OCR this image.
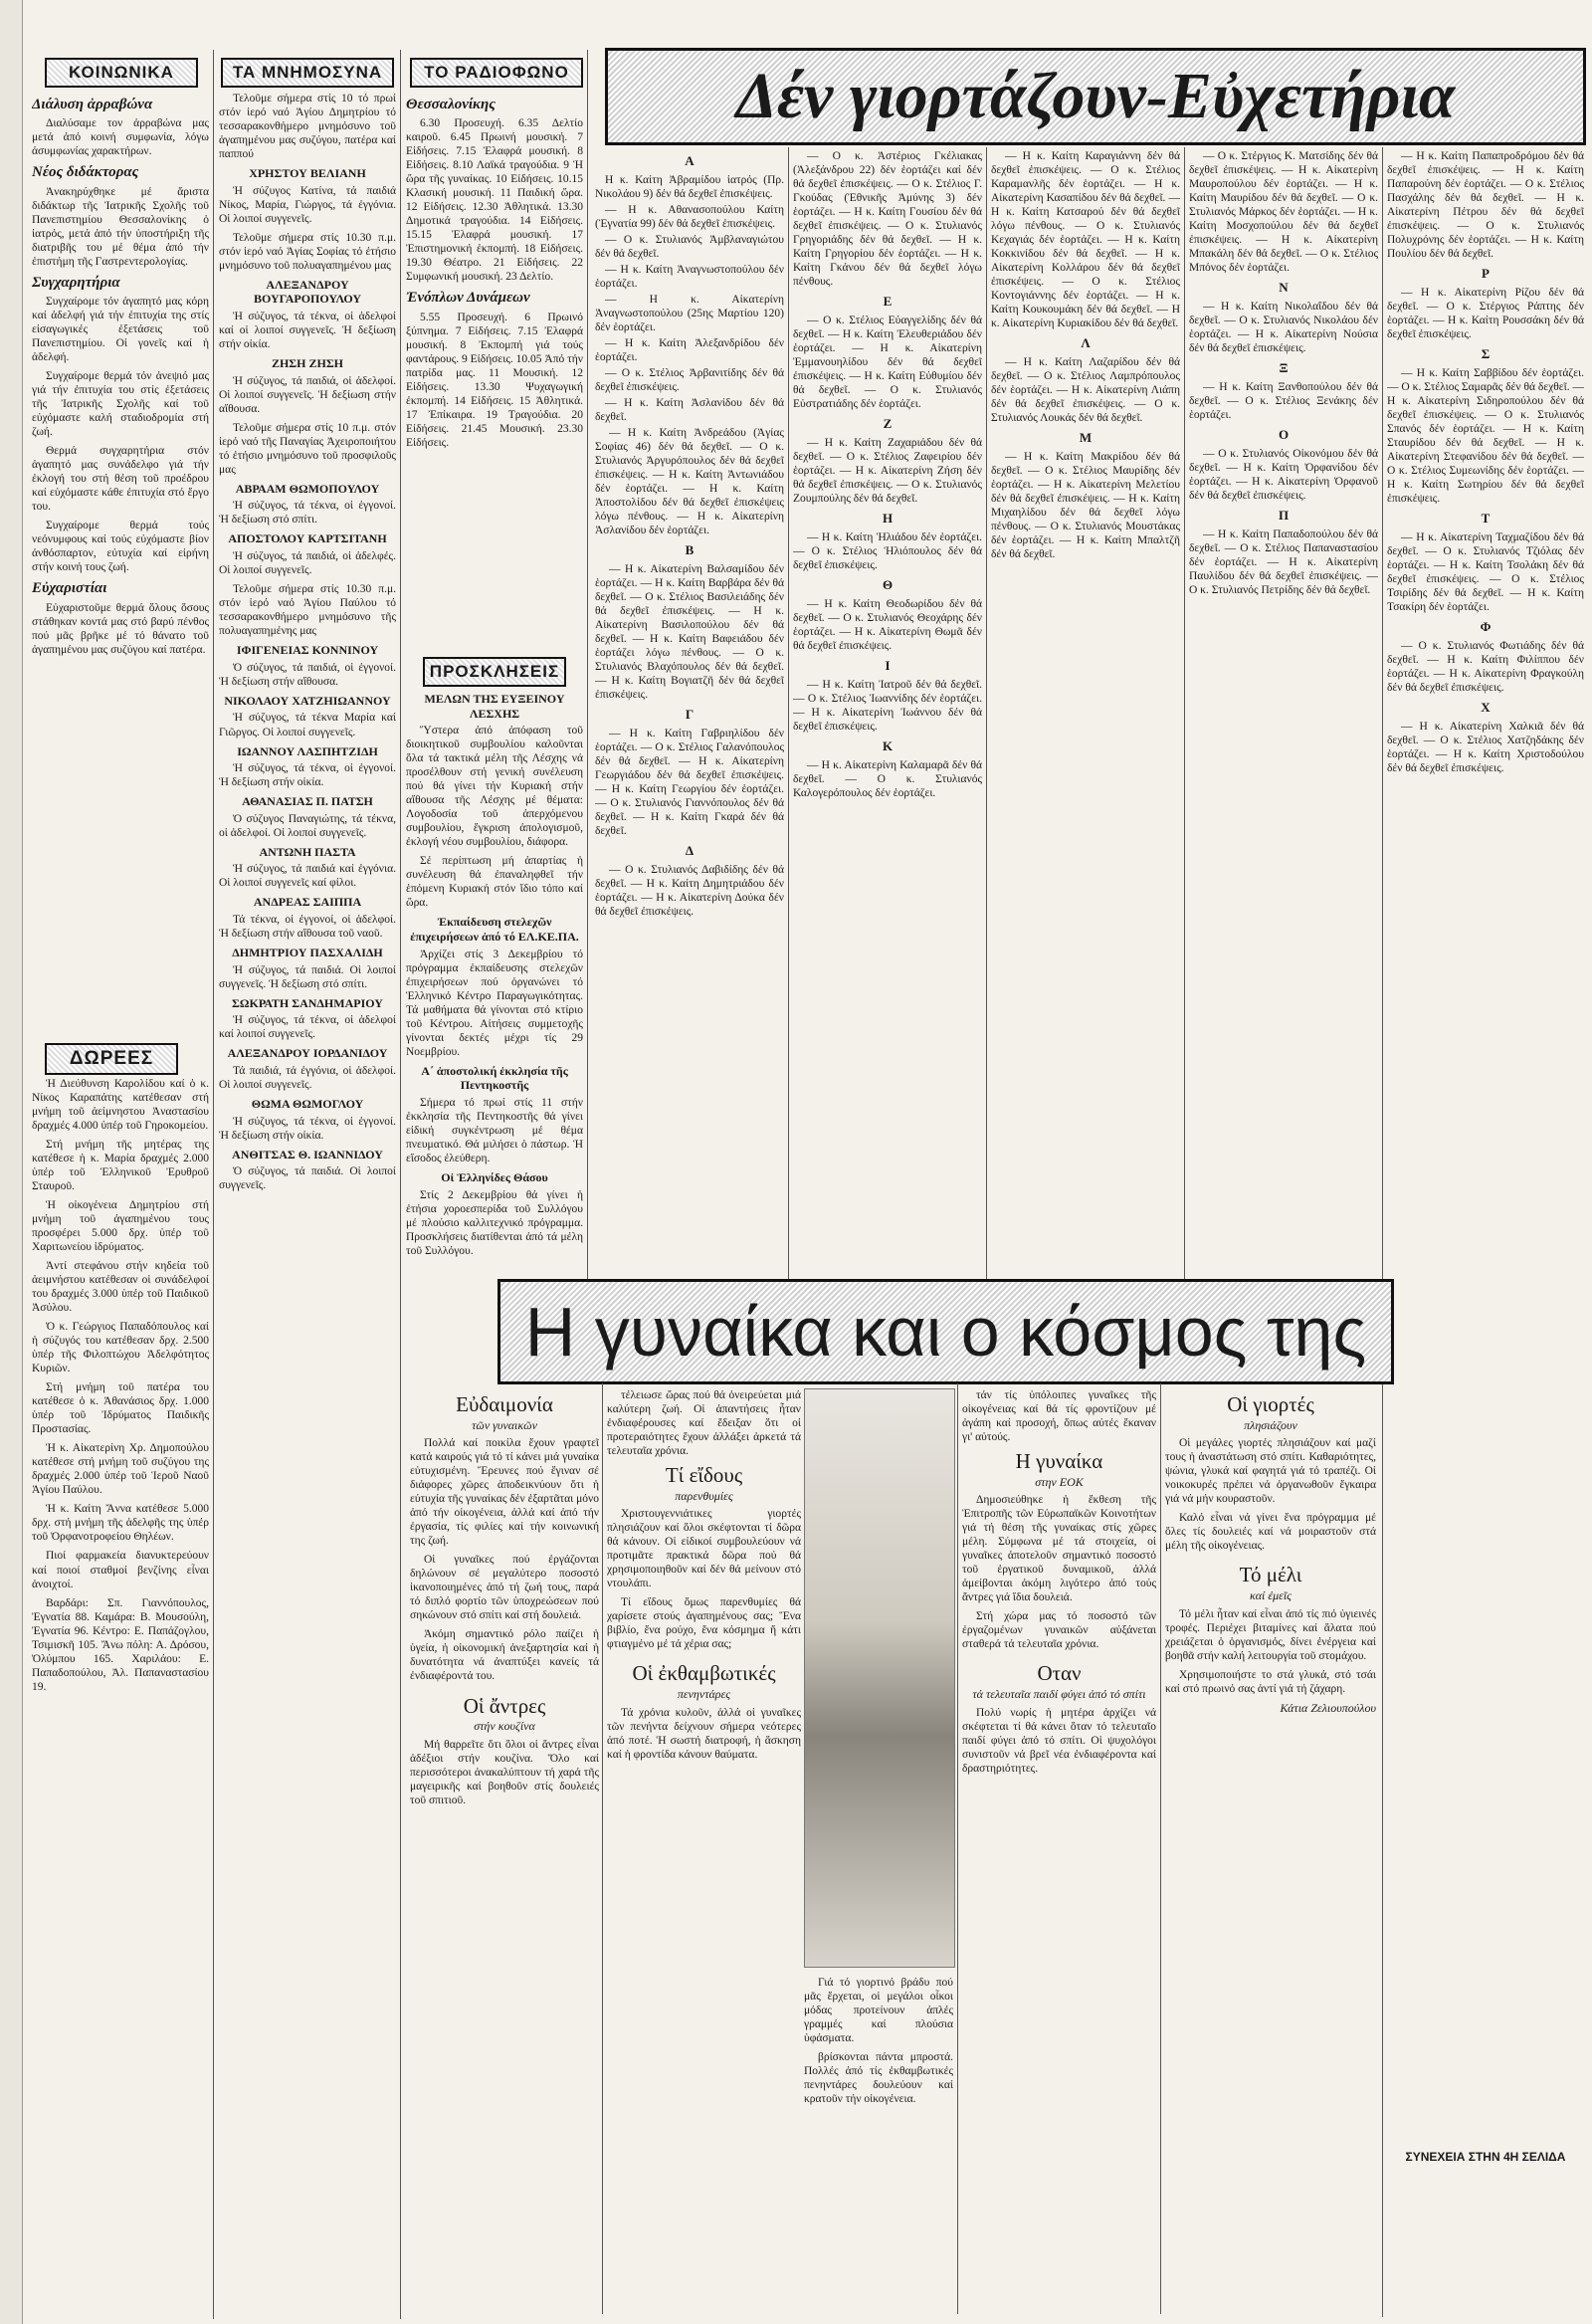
ΚΟΙΝΩΝΙΚΑ
Διάλυση ἀρραβώνα

Διαλύσαμε τον ἀρραβώνα μας μετά ἀπό κοινή συμφωνία, λόγω ἀσυμφωνίας χαρακτήρων.

Νέος διδάκτορας

Ἀνακηρύχθηκε μέ ἄριστα διδάκτωρ τῆς Ἰατρικῆς Σχολῆς τοῦ Πανεπιστημίου Θεσσαλονίκης ὁ ἰατρός, μετά ἀπό τήν ὑποστήριξη τῆς διατριβῆς του μέ θέμα ἀπό τήν ἐπιστήμη τῆς Γαστρεντερολογίας.

Συγχαρητήρια

Συγχαίρομε τόν ἀγαπητό μας κόρη καί ἀδελφή γιά τήν ἐπιτυχία της στίς εἰσαγωγικές ἐξετάσεις τοῦ Πανεπιστημίου. Οἱ γονεῖς καί ἡ ἀδελφή.

Συγχαίρομε θερμά τόν ἀνεψιό μας γιά τήν ἐπιτυχία του στίς ἐξετάσεις τῆς Ἰατρικῆς Σχολῆς καί τοῦ εὐχόμαστε καλή σταδιοδρομία στή ζωή.

Θερμά συγχαρητήρια στόν ἀγαπητό μας συνάδελφο γιά τήν ἐκλογή του στή θέση τοῦ προέδρου καί εὐχόμαστε κάθε ἐπιτυχία στό ἔργο του.

Συγχαίρομε θερμά τούς νεόνυμφους καί τούς εὐχόμαστε βίον ἀνθόσπαρτον, εὐτυχία καί εἰρήνη στήν κοινή τους ζωή.

Εὐχαριστίαι

Εὐχαριστοῦμε θερμά ὅλους ὅσους στάθηκαν κοντά μας στό βαρύ πένθος πού μᾶς βρῆκε μέ τό θάνατο τοῦ ἀγαπημένου μας συζύγου καί πατέρα.

ΔΩΡΕΕΣ

Ἡ Διεύθυνση Καρολίδου καί ὁ κ. Νίκος Καραπάτης κατέθεσαν στή μνήμη τοῦ ἀείμνηστου Ἀναστασίου δραχμές 4.000 ὑπέρ τοῦ Γηροκομείου.

Στή μνήμη τῆς μητέρας της κατέθεσε ἡ κ. Μαρία δραχμές 2.000 ὑπέρ τοῦ Ἑλληνικοῦ Ἐρυθροῦ Σταυροῦ.

Ἡ οἰκογένεια Δημητρίου στή μνήμη τοῦ ἀγαπημένου τους προσφέρει 5.000 δρχ. ὑπέρ τοῦ Χαριτωνείου ἱδρύματος.

Ἀντί στεφάνου στήν κηδεία τοῦ ἀειμνήστου κατέθεσαν οἱ συνάδελφοί του δραχμές 3.000 ὑπέρ τοῦ Παιδικοῦ Ἀσύλου.

Ὁ κ. Γεώργιος Παπαδόπουλος καί ἡ σύζυγός του κατέθεσαν δρχ. 2.500 ὑπέρ τῆς Φιλοπτώχου Ἀδελφότητος Κυριῶν.

Στή μνήμη τοῦ πατέρα του κατέθεσε ὁ κ. Ἀθανάσιος δρχ. 1.000 ὑπέρ τοῦ Ἰδρύματος Παιδικῆς Προστασίας.

Ἡ κ. Αἰκατερίνη Χρ. Δημοπούλου κατέθεσε στή μνήμη τοῦ συζύγου της δραχμές 2.000 ὑπέρ τοῦ Ἱεροῦ Ναοῦ Ἁγίου Παύλου.

Ἡ κ. Καίτη Ἄννα κατέθεσε 5.000 δρχ. στή μνήμη τῆς ἀδελφῆς της ὑπέρ τοῦ Ὀρφανοτροφείου Θηλέων.

Πιοί φαρμακεία διανυκτερεύουν καί ποιοί σταθμοί βενζίνης εἶναι ἀνοιχτοί.

Βαρδάρι: Σπ. Γιαννόπουλος, Ἐγνατία 88. Καμάρα: Β. Μουσούλη, Ἐγνατία 96. Κέντρο: Ε. Παπάζογλου, Τσιμισκῆ 105. Ἄνω πόλη: Α. Δρόσου, Ὀλύμπου 165. Χαριλάου: Ε. Παπαδοπούλου, Ἀλ. Παπαναστασίου 19.

ΤΑ ΜΝΗΜΟΣΥΝΑ

Τελοῦμε σήμερα στίς 10 τό πρωί στόν ἱερό ναό Ἁγίου Δημητρίου τό τεσσαρακονθήμερο μνημόσυνο τοῦ ἀγαπημένου μας συζύγου, πατέρα καί παππού

ΧΡΗΣΤΟΥ ΒΕΛΙΑΝΗ

Ἡ σύζυγος Κατίνα, τά παιδιά Νίκος, Μαρία, Γιώργος, τά ἐγγόνια. Οἱ λοιποί συγγενεῖς.

Τελοῦμε σήμερα στίς 10.30 π.μ. στόν ἱερό ναό Ἁγίας Σοφίας τό ἐτήσιο μνημόσυνο τοῦ πολυαγαπημένου μας

ΑΛΕΞΑΝΔΡΟΥ ΒΟΥΓΑΡΟΠΟΥΛΟΥ

Ἡ σύζυγος, τά τέκνα, οἱ ἀδελφοί καί οἱ λοιποί συγγενεῖς. Ἡ δεξίωση στήν οἰκία.

ΖΗΣΗ ΖΗΣΗ

Ἡ σύζυγος, τά παιδιά, οἱ ἀδελφοί. Οἱ λοιποί συγγενεῖς. Ἡ δεξίωση στήν αἴθουσα.

Τελοῦμε σήμερα στίς 10 π.μ. στόν ἱερό ναό τῆς Παναγίας Ἀχειροποιήτου τό ἐτήσιο μνημόσυνο τοῦ προσφιλοῦς μας

ΑΒΡΑΑΜ ΘΩΜΟΠΟΥΛΟΥ

Ἡ σύζυγος, τά τέκνα, οἱ ἐγγονοί. Ἡ δεξίωση στό σπίτι.

ΑΠΟΣΤΟΛΟΥ ΚΑΡΤΣΙΤΑΝΗ

Ἡ σύζυγος, τά παιδιά, οἱ ἀδελφές. Οἱ λοιποί συγγενεῖς.

Τελοῦμε σήμερα στίς 10.30 π.μ. στόν ἱερό ναό Ἁγίου Παύλου τό τεσσαρακονθήμερο μνημόσυνο τῆς πολυαγαπημένης μας

ΙΦΙΓΕΝΕΙΑΣ ΚΟΝΝΙΝΟΥ

Ὁ σύζυγος, τά παιδιά, οἱ ἐγγονοί. Ἡ δεξίωση στήν αἴθουσα.

ΝΙΚΟΛΑΟΥ ΧΑΤΖΗΙΩΑΝΝΟΥ

Ἡ σύζυγος, τά τέκνα Μαρία καί Γιῶργος. Οἱ λοιποί συγγενεῖς.

ΙΩΑΝΝΟΥ ΛΑΣΠΗΤΖΙΔΗ

Ἡ σύζυγος, τά τέκνα, οἱ ἐγγονοί. Ἡ δεξίωση στήν οἰκία.

ΑΘΑΝΑΣΙΑΣ Π. ΠΑΤΣΗ

Ὁ σύζυγος Παναγιώτης, τά τέκνα, οἱ ἀδελφοί. Οἱ λοιποί συγγενεῖς.

ΑΝΤΩΝΗ ΠΑΣΤΑ

Ἡ σύζυγος, τά παιδιά καί ἐγγόνια. Οἱ λοιποί συγγενεῖς καί φίλοι.

ΑΝΔΡΕΑΣ ΣΑΙΠΠΑ

Τά τέκνα, οἱ ἐγγονοί, οἱ ἀδελφοί. Ἡ δεξίωση στήν αἴθουσα τοῦ ναοῦ.

ΔΗΜΗΤΡΙΟΥ ΠΑΣΧΑΛΙΔΗ

Ἡ σύζυγος, τά παιδιά. Οἱ λοιποί συγγενεῖς. Ἡ δεξίωση στό σπίτι.

ΣΩΚΡΑΤΗ ΣΑΝΔΗΜΑΡΙΟΥ

Ἡ σύζυγος, τά τέκνα, οἱ ἀδελφοί καί λοιποί συγγενεῖς.

ΑΛΕΞΑΝΔΡΟΥ ΙΟΡΔΑΝΙΔΟΥ

Τά παιδιά, τά ἐγγόνια, οἱ ἀδελφοί. Οἱ λοιποί συγγενεῖς.

ΘΩΜΑ ΘΩΜΟΓΛΟΥ

Ἡ σύζυγος, τά τέκνα, οἱ ἐγγονοί. Ἡ δεξίωση στήν οἰκία.

ΑΝΘΙΤΣΑΣ Θ. ΙΩΑΝΝΙΔΟΥ

Ὁ σύζυγος, τά παιδιά. Οἱ λοιποί συγγενεῖς.

ΤΟ ΡΑΔΙΟΦΩΝΟ
Θεσσαλονίκης

6.30 Προσευχή. 6.35 Δελτίο καιροῦ. 6.45 Πρωινή μουσική. 7 Εἰδήσεις. 7.15 Ἐλαφρά μουσική. 8 Εἰδήσεις. 8.10 Λαϊκά τραγούδια. 9 Ἡ ὥρα τῆς γυναίκας. 10 Εἰδήσεις. 10.15 Κλασική μουσική. 11 Παιδική ὥρα. 12 Εἰδήσεις. 12.30 Ἀθλητικά. 13.30 Δημοτικά τραγούδια. 14 Εἰδήσεις. 15.15 Ἐλαφρά μουσική. 17 Ἐπιστημονική ἐκπομπή. 18 Εἰδήσεις. 19.30 Θέατρο. 21 Εἰδήσεις. 22 Συμφωνική μουσική. 23 Δελτίο.

Ἐνόπλων Δυνάμεων

5.55 Προσευχή. 6 Πρωινό ξύπνημα. 7 Εἰδήσεις. 7.15 Ἐλαφρά μουσική. 8 Ἐκπομπή γιά τούς φαντάρους. 9 Εἰδήσεις. 10.05 Ἀπό τήν πατρίδα μας. 11 Μουσική. 12 Εἰδήσεις. 13.30 Ψυχαγωγική ἐκπομπή. 14 Εἰδήσεις. 15 Ἀθλητικά. 17 Ἐπίκαιρα. 19 Τραγούδια. 20 Εἰδήσεις. 21.45 Μουσική. 23.30 Εἰδήσεις.

ΠΡΟΣΚΛΗΣΕΙΣ
ΜΕΛΩΝ ΤΗΣ ΕΥΞΕΙΝΟΥ ΛΕΣΧΗΣ

Ὕστερα ἀπό ἀπόφαση τοῦ διοικητικοῦ συμβουλίου καλοῦνται ὅλα τά τακτικά μέλη τῆς Λέσχης νά προσέλθουν στή γενική συνέλευση πού θά γίνει τήν Κυριακή στήν αἴθουσα τῆς Λέσχης μέ θέματα: Λογοδοσία τοῦ ἀπερχόμενου συμβουλίου, ἔγκριση ἀπολογισμοῦ, ἐκλογή νέου συμβουλίου, διάφορα.

Σέ περίπτωση μή ἀπαρτίας ἡ συνέλευση θά ἐπαναληφθεῖ τήν ἑπόμενη Κυριακή στόν ἴδιο τόπο καί ὥρα.

Ἐκπαίδευση στελεχῶν ἐπιχειρήσεων ἀπό τό ΕΛ.ΚΕ.ΠΑ.

Ἀρχίζει στίς 3 Δεκεμβρίου τό πρόγραμμα ἐκπαίδευσης στελεχῶν ἐπιχειρήσεων πού ὀργανώνει τό Ἑλληνικό Κέντρο Παραγωγικότητας. Τά μαθήματα θά γίνονται στό κτίριο τοῦ Κέντρου. Αἰτήσεις συμμετοχῆς γίνονται δεκτές μέχρι τίς 29 Νοεμβρίου.

Α΄ ἀποστολική ἐκκλησία τῆς Πεντηκοστῆς

Σήμερα τό πρωί στίς 11 στήν ἐκκλησία τῆς Πεντηκοστῆς θά γίνει εἰδική συγκέντρωση μέ θέμα πνευματικό. Θά μιλήσει ὁ πάστωρ. Ἡ εἴσοδος ἐλεύθερη.

Οἱ Ἑλληνίδες Θάσου

Στίς 2 Δεκεμβρίου θά γίνει ἡ ἐτήσια χοροεσπερίδα τοῦ Συλλόγου μέ πλούσιο καλλιτεχνικό πρόγραμμα. Προσκλήσεις διατίθενται ἀπό τά μέλη τοῦ Συλλόγου.

Δέν γιορτάζουν-Εὐχετήρια
Α
Η κ. Καίτη Ἀβραμίδου ἰατρός (Πρ. Νικολάου 9) δέν θά δεχθεῖ ἐπισκέψεις.
— Η κ. Αθανασοπούλου Καίτη (Ἐγνατία 99) δέν θά δεχθεῖ ἐπισκέψεις.
— Ο κ. Στυλιανός Ἀμβλαναγιώτου δέν θά δεχθεῖ.
— Η κ. Καίτη Ἀναγνωστοπούλου δέν ἑορτάζει.
— Η κ. Αἰκατερίνη Ἀναγνωστοπούλου (25ης Μαρτίου 120) δέν ἑορτάζει.
— Η κ. Καίτη Ἀλεξανδρίδου δέν ἑορτάζει.
— Ο κ. Στέλιος Ἀρβανιτίδης δέν θά δεχθεῖ ἐπισκέψεις.
— Η κ. Καίτη Ἀσλανίδου δέν θά δεχθεῖ.

— Η κ. Καίτη Ἀνδρεάδου (Ἀγίας Σοφίας 46) δέν θά δεχθεῖ. — Ο κ. Στυλιανός Ἀργυρόπουλος δέν θά δεχθεῖ ἐπισκέψεις. — Η κ. Καίτη Ἀντωνιάδου δέν ἑορτάζει. — Η κ. Καίτη Ἀποστολίδου δέν θά δεχθεῖ ἐπισκέψεις λόγω πένθους. — Η κ. Αἰκατερίνη Ἀσλανίδου δέν ἑορτάζει.

Β

— Η κ. Αἰκατερίνη Βαλσαμίδου δέν ἑορτάζει. — Η κ. Καίτη Βαρβάρα δέν θά δεχθεῖ. — Ο κ. Στέλιος Βασιλειάδης δέν θά δεχθεῖ ἐπισκέψεις. — Η κ. Αἰκατερίνη Βασιλοπούλου δέν θά δεχθεῖ. — Η κ. Καίτη Βαφειάδου δέν ἑορτάζει λόγω πένθους. — Ο κ. Στυλιανός Βλαχόπουλος δέν θά δεχθεῖ. — Η κ. Καίτη Βογιατζῆ δέν θά δεχθεῖ ἐπισκέψεις.

Γ

— Η κ. Καίτη Γαβριηλίδου δέν ἑορτάζει. — Ο κ. Στέλιος Γαλανόπουλος δέν θά δεχθεῖ. — Η κ. Αἰκατερίνη Γεωργιάδου δέν θά δεχθεῖ ἐπισκέψεις. — Η κ. Καίτη Γεωργίου δέν ἑορτάζει. — Ο κ. Στυλιανός Γιαννόπουλος δέν θά δεχθεῖ. — Η κ. Καίτη Γκαρά δέν θά δεχθεῖ.

Δ

— Ο κ. Στυλιανός Δαβιδίδης δέν θά δεχθεῖ. — Η κ. Καίτη Δημητριάδου δέν ἑορτάζει. — Η κ. Αἰκατερίνη Δούκα δέν θά δεχθεῖ ἐπισκέψεις.

— Ο κ. Ἀστέριος Γκέλιακας (Ἀλεξάνδρου 22) δέν ἑορτάζει καί δέν θά δεχθεῖ ἐπισκέψεις. — Ο κ. Στέλιος Γ. Γκούδας (Ἐθνικῆς Ἀμύνης 3) δέν ἑορτάζει. — Η κ. Καίτη Γουσίου δέν θά δεχθεῖ ἐπισκέψεις. — Ο κ. Στυλιανός Γρηγοριάδης δέν θά δεχθεῖ. — Η κ. Καίτη Γρηγορίου δέν ἑορτάζει. — Η κ. Καίτη Γκάνου δέν θά δεχθεῖ λόγω πένθους.

Ε

— Ο κ. Στέλιος Εὐαγγελίδης δέν θά δεχθεῖ. — Η κ. Καίτη Ἐλευθεριάδου δέν ἑορτάζει. — Η κ. Αἰκατερίνη Ἐμμανουηλίδου δέν θά δεχθεῖ ἐπισκέψεις. — Η κ. Καίτη Εὐθυμίου δέν θά δεχθεῖ. — Ο κ. Στυλιανός Εὐστρατιάδης δέν ἑορτάζει.

Ζ

— Η κ. Καίτη Ζαχαριάδου δέν θά δεχθεῖ. — Ο κ. Στέλιος Ζαφειρίου δέν ἑορτάζει. — Η κ. Αἰκατερίνη Ζήση δέν θά δεχθεῖ ἐπισκέψεις. — Ο κ. Στυλιανός Ζουμπούλης δέν θά δεχθεῖ.

Η

— Η κ. Καίτη Ἡλιάδου δέν ἑορτάζει. — Ο κ. Στέλιος Ἡλιόπουλος δέν θά δεχθεῖ ἐπισκέψεις.

Θ

— Η κ. Καίτη Θεοδωρίδου δέν θά δεχθεῖ. — Ο κ. Στυλιανός Θεοχάρης δέν ἑορτάζει. — Η κ. Αἰκατερίνη Θωμᾶ δέν θά δεχθεῖ ἐπισκέψεις.

Ι

— Η κ. Καίτη Ἰατροῦ δέν θά δεχθεῖ. — Ο κ. Στέλιος Ἰωαννίδης δέν ἑορτάζει. — Η κ. Αἰκατερίνη Ἰωάννου δέν θά δεχθεῖ ἐπισκέψεις.

Κ

— Η κ. Αἰκατερίνη Καλαμαρᾶ δέν θά δεχθεῖ. — Ο κ. Στυλιανός Καλογερόπουλος δέν ἑορτάζει.

— Η κ. Καίτη Καραγιάννη δέν θά δεχθεῖ ἐπισκέψεις. — Ο κ. Στέλιος Καραμανλῆς δέν ἑορτάζει. — Η κ. Αἰκατερίνη Κασαπίδου δέν θά δεχθεῖ. — Η κ. Καίτη Κατσαρού δέν θά δεχθεῖ λόγω πένθους. — Ο κ. Στυλιανός Κεχαγιάς δέν ἑορτάζει. — Η κ. Καίτη Κοκκινίδου δέν θά δεχθεῖ. — Η κ. Αἰκατερίνη Κολλάρου δέν θά δεχθεῖ ἐπισκέψεις. — Ο κ. Στέλιος Κοντογιάννης δέν ἑορτάζει. — Η κ. Καίτη Κουκουμάκη δέν θά δεχθεῖ. — Η κ. Αἰκατερίνη Κυριακίδου δέν θά δεχθεῖ.

Λ

— Η κ. Καίτη Λαζαρίδου δέν θά δεχθεῖ. — Ο κ. Στέλιος Λαμπρόπουλος δέν ἑορτάζει. — Η κ. Αἰκατερίνη Λιάπη δέν θά δεχθεῖ ἐπισκέψεις. — Ο κ. Στυλιανός Λουκάς δέν θά δεχθεῖ.

Μ

— Η κ. Καίτη Μακρίδου δέν θά δεχθεῖ. — Ο κ. Στέλιος Μαυρίδης δέν ἑορτάζει. — Η κ. Αἰκατερίνη Μελετίου δέν θά δεχθεῖ ἐπισκέψεις. — Η κ. Καίτη Μιχαηλίδου δέν θά δεχθεῖ λόγω πένθους. — Ο κ. Στυλιανός Μουστάκας δέν ἑορτάζει. — Η κ. Καίτη Μπαλτζῆ δέν θά δεχθεῖ.

— Ο κ. Στέργιος Κ. Ματσίδης δέν θά δεχθεῖ ἐπισκέψεις. — Η κ. Αἰκατερίνη Μαυροπούλου δέν ἑορτάζει. — Η κ. Καίτη Μαυρίδου δέν θά δεχθεῖ. — Ο κ. Στυλιανός Μάρκος δέν ἑορτάζει. — Η κ. Καίτη Μοσχοπούλου δέν θά δεχθεῖ ἐπισκέψεις. — Η κ. Αἰκατερίνη Μπακάλη δέν θά δεχθεῖ. — Ο κ. Στέλιος Μπόνος δέν ἑορτάζει.

Ν

— Η κ. Καίτη Νικολαΐδου δέν θά δεχθεῖ. — Ο κ. Στυλιανός Νικολάου δέν ἑορτάζει. — Η κ. Αἰκατερίνη Νούσια δέν θά δεχθεῖ ἐπισκέψεις.

Ξ

— Η κ. Καίτη Ξανθοπούλου δέν θά δεχθεῖ. — Ο κ. Στέλιος Ξενάκης δέν ἑορτάζει.

Ο

— Ο κ. Στυλιανός Οἰκονόμου δέν θά δεχθεῖ. — Η κ. Καίτη Ὀρφανίδου δέν ἑορτάζει. — Η κ. Αἰκατερίνη Ὀρφανοῦ δέν θά δεχθεῖ ἐπισκέψεις.

Π

— Η κ. Καίτη Παπαδοπούλου δέν θά δεχθεῖ. — Ο κ. Στέλιος Παπαναστασίου δέν ἑορτάζει. — Η κ. Αἰκατερίνη Παυλίδου δέν θά δεχθεῖ ἐπισκέψεις. — Ο κ. Στυλιανός Πετρίδης δέν θά δεχθεῖ.

— Η κ. Καίτη Παπαπροδρόμου δέν θά δεχθεῖ ἐπισκέψεις. — Η κ. Καίτη Παπαρούνη δέν ἑορτάζει. — Ο κ. Στέλιος Πασχάλης δέν θά δεχθεῖ. — Η κ. Αἰκατερίνη Πέτρου δέν θά δεχθεῖ ἐπισκέψεις. — Ο κ. Στυλιανός Πολυχρόνης δέν ἑορτάζει. — Η κ. Καίτη Πουλίου δέν θά δεχθεῖ.

Ρ

— Η κ. Αἰκατερίνη Ρίζου δέν θά δεχθεῖ. — Ο κ. Στέργιος Ράπτης δέν ἑορτάζει. — Η κ. Καίτη Ρουσσάκη δέν θά δεχθεῖ ἐπισκέψεις.

Σ

— Η κ. Καίτη Σαββίδου δέν ἑορτάζει. — Ο κ. Στέλιος Σαμαρᾶς δέν θά δεχθεῖ. — Η κ. Αἰκατερίνη Σιδηροπούλου δέν θά δεχθεῖ ἐπισκέψεις. — Ο κ. Στυλιανός Σπανός δέν ἑορτάζει. — Η κ. Καίτη Σταυρίδου δέν θά δεχθεῖ. — Η κ. Αἰκατερίνη Στεφανίδου δέν θά δεχθεῖ. — Ο κ. Στέλιος Συμεωνίδης δέν ἑορτάζει. — Η κ. Καίτη Σωτηρίου δέν θά δεχθεῖ ἐπισκέψεις.

Τ

— Η κ. Αἰκατερίνη Ταχμαζίδου δέν θά δεχθεῖ. — Ο κ. Στυλιανός Τζιόλας δέν ἑορτάζει. — Η κ. Καίτη Τσολάκη δέν θά δεχθεῖ ἐπισκέψεις. — Ο κ. Στέλιος Τσιρίδης δέν θά δεχθεῖ. — Η κ. Καίτη Τσακίρη δέν ἑορτάζει.

Φ

— Ο κ. Στυλιανός Φωτιάδης δέν θά δεχθεῖ. — Η κ. Καίτη Φιλίππου δέν ἑορτάζει. — Η κ. Αἰκατερίνη Φραγκούλη δέν θά δεχθεῖ ἐπισκέψεις.

Χ

— Η κ. Αἰκατερίνη Χαλκιᾶ δέν θά δεχθεῖ. — Ο κ. Στέλιος Χατζηδάκης δέν ἑορτάζει. — Η κ. Καίτη Χριστοδούλου δέν θά δεχθεῖ ἐπισκέψεις.

ΣΥΝΕΧΕΙΑ ΣΤΗΝ 4Η ΣΕΛΙΔΑ
Η γυναίκα και ο κόσμος της
Εὐδαιμονία
τῶν γυναικῶν

Πολλά καί ποικίλα ἔχουν γραφτεῖ κατά καιρούς γιά τό τί κάνει μιά γυναίκα εὐτυχισμένη. Ἔρευνες πού ἔγιναν σέ διάφορες χῶρες ἀποδεικνύουν ὅτι ἡ εὐτυχία τῆς γυναίκας δέν ἐξαρτᾶται μόνο ἀπό τήν οἰκογένεια, ἀλλά καί ἀπό τήν ἐργασία, τίς φιλίες καί τήν κοινωνική της ζωή.

Οἱ γυναῖκες πού ἐργάζονται δηλώνουν σέ μεγαλύτερο ποσοστό ἱκανοποιημένες ἀπό τή ζωή τους, παρά τό διπλό φορτίο τῶν ὑποχρεώσεων πού σηκώνουν στό σπίτι καί στή δουλειά.

Ἀκόμη σημαντικό ρόλο παίζει ἡ ὑγεία, ἡ οἰκονομική ἀνεξαρτησία καί ἡ δυνατότητα νά ἀναπτύξει κανείς τά ἐνδιαφέροντά του.

Οἱ ἄντρες
στήν κουζίνα

Μή θαρρεῖτε ὅτι ὅλοι οἱ ἄντρες εἶναι ἀδέξιοι στήν κουζίνα. Ὅλο καί περισσότεροι ἀνακαλύπτουν τή χαρά τῆς μαγειρικῆς καί βοηθοῦν στίς δουλειές τοῦ σπιτιοῦ.

τέλειωσε ὥρας πού θά ὀνειρεύεται μιά καλύτερη ζωή. Οἱ ἀπαντήσεις ἦταν ἐνδιαφέρουσες καί ἔδειξαν ὅτι οἱ προτεραιότητες ἔχουν ἀλλάξει ἀρκετά τά τελευταῖα χρόνια.

Τί εἴδους
παρενθυμίες

Χριστουγεννιάτικες γιορτές πλησιάζουν καί ὅλοι σκέφτονται τί δῶρα θά κάνουν. Οἱ εἰδικοί συμβουλεύουν νά προτιμᾶτε πρακτικά δῶρα πού θά χρησιμοποιηθοῦν καί δέν θά μείνουν στό ντουλάπι.

Τί εἴδους ὅμως παρενθυμίες θά χαρίσετε στούς ἀγαπημένους σας; Ἕνα βιβλίο, ἕνα ρούχο, ἕνα κόσμημα ἤ κάτι φτιαγμένο μέ τά χέρια σας;

Οἱ ἐκθαμβωτικές
πενηντάρες

Τά χρόνια κυλοῦν, ἀλλά οἱ γυναῖκες τῶν πενήντα δείχνουν σήμερα νεότερες ἀπό ποτέ. Ἡ σωστή διατροφή, ἡ ἄσκηση καί ἡ φροντίδα κάνουν θαύματα.

Γιά τό γιορτινό βράδυ πού μᾶς ἔρχεται, οἱ μεγάλοι οἶκοι μόδας προτείνουν ἀπλές γραμμές καί πλούσια ὑφάσματα.

βρίσκονται πάντα μπροστά. Πολλές ἀπό τίς ἐκθαμβωτικές πενηντάρες δουλεύουν καί κρατοῦν τήν οἰκογένεια.

τάν τίς ὑπόλοιπες γυναῖκες τῆς οἰκογένειας καί θά τίς φροντίζουν μέ ἀγάπη καί προσοχή, ὅπως αὐτές ἔκαναν γι' αὐτούς.

Η γυναίκα
στην ΕΟΚ

Δημοσιεύθηκε ἡ ἔκθεση τῆς Ἐπιτροπῆς τῶν Εὐρωπαϊκῶν Κοινοτήτων γιά τή θέση τῆς γυναίκας στίς χῶρες μέλη. Σύμφωνα μέ τά στοιχεία, οἱ γυναῖκες ἀποτελοῦν σημαντικό ποσοστό τοῦ ἐργατικοῦ δυναμικοῦ, ἀλλά ἀμείβονται ἀκόμη λιγότερο ἀπό τούς ἄντρες γιά ἴδια δουλειά.

Στή χώρα μας τό ποσοστό τῶν ἐργαζομένων γυναικῶν αὐξάνεται σταθερά τά τελευταῖα χρόνια.

Οταν
τά τελευταῖα παιδί φύγει ἀπό τό σπίτι

Πολύ νωρίς ἡ μητέρα ἀρχίζει νά σκέφτεται τί θά κάνει ὅταν τό τελευταῖο παιδί φύγει ἀπό τό σπίτι. Οἱ ψυχολόγοι συνιστοῦν νά βρεῖ νέα ἐνδιαφέροντα καί δραστηριότητες.

Οἱ γιορτές
πλησιάζουν

Οἱ μεγάλες γιορτές πλησιάζουν καί μαζί τους ἡ ἀναστάτωση στό σπίτι. Καθαριότητες, ψώνια, γλυκά καί φαγητά γιά τό τραπέζι. Οἱ νοικοκυρές πρέπει νά ὀργανωθοῦν ἔγκαιρα γιά νά μήν κουραστοῦν.

Καλό εἶναι νά γίνει ἕνα πρόγραμμα μέ ὅλες τίς δουλειές καί νά μοιραστοῦν στά μέλη τῆς οἰκογένειας.

Τό μέλι
καί ἐμεῖς

Τό μέλι ἦταν καί εἶναι ἀπό τίς πιό ὑγιεινές τροφές. Περιέχει βιταμίνες καί ἄλατα πού χρειάζεται ὁ ὀργανισμός, δίνει ἐνέργεια καί βοηθᾶ στήν καλή λειτουργία τοῦ στομάχου.

Χρησιμοποιήστε το στά γλυκά, στό τσάι καί στό πρωινό σας ἀντί γιά τή ζάχαρη.

Κάτια Ζελιουπούλου
